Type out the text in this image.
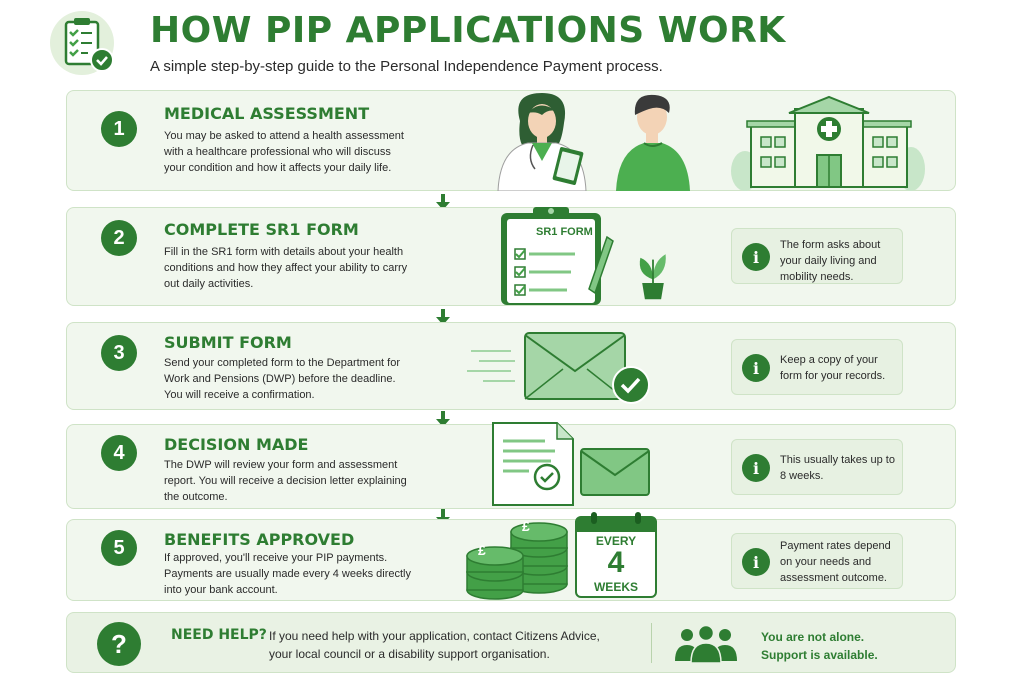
HOW PIP APPLICATIONS WORK
A simple step-by-step guide to the Personal Independence Payment process.
1
MEDICAL ASSESSMENT
You may be asked to attend a health assessment with a healthcare professional who will discuss your condition and how it affects your daily life.
2	COMPLETE SR1 FORM
Fill in the SR1 form with details about your health conditions and how they affect your ability to carry out daily activities.
SR1 FORM
i
The form asks about your daily living and mobility needs.
3	SUBMIT FORM
Send your completed form to the Department for Work and Pensions (DWP) before the deadline. You will receive a confirmation.
i	Keep a copy of your form for your records.
4	DECISION MADE
The DWP will review your form and assessment report. You will receive a decision letter explaining the outcome.
i	This usually takes up to 8 weeks.
5	BENEFITS APPROVED
If approved, you'll receive your PIP payments. Payments are usually made every 4 weeks directly into your bank account.
£
£
EVERY
4
WEEKS
i
Payment rates depend on your needs and assessment outcome.
?	NEED HELP? If you need help with your application, contact Citizens Advice, your local council or a disability support organisation.
You are not alone.
Support is available.
